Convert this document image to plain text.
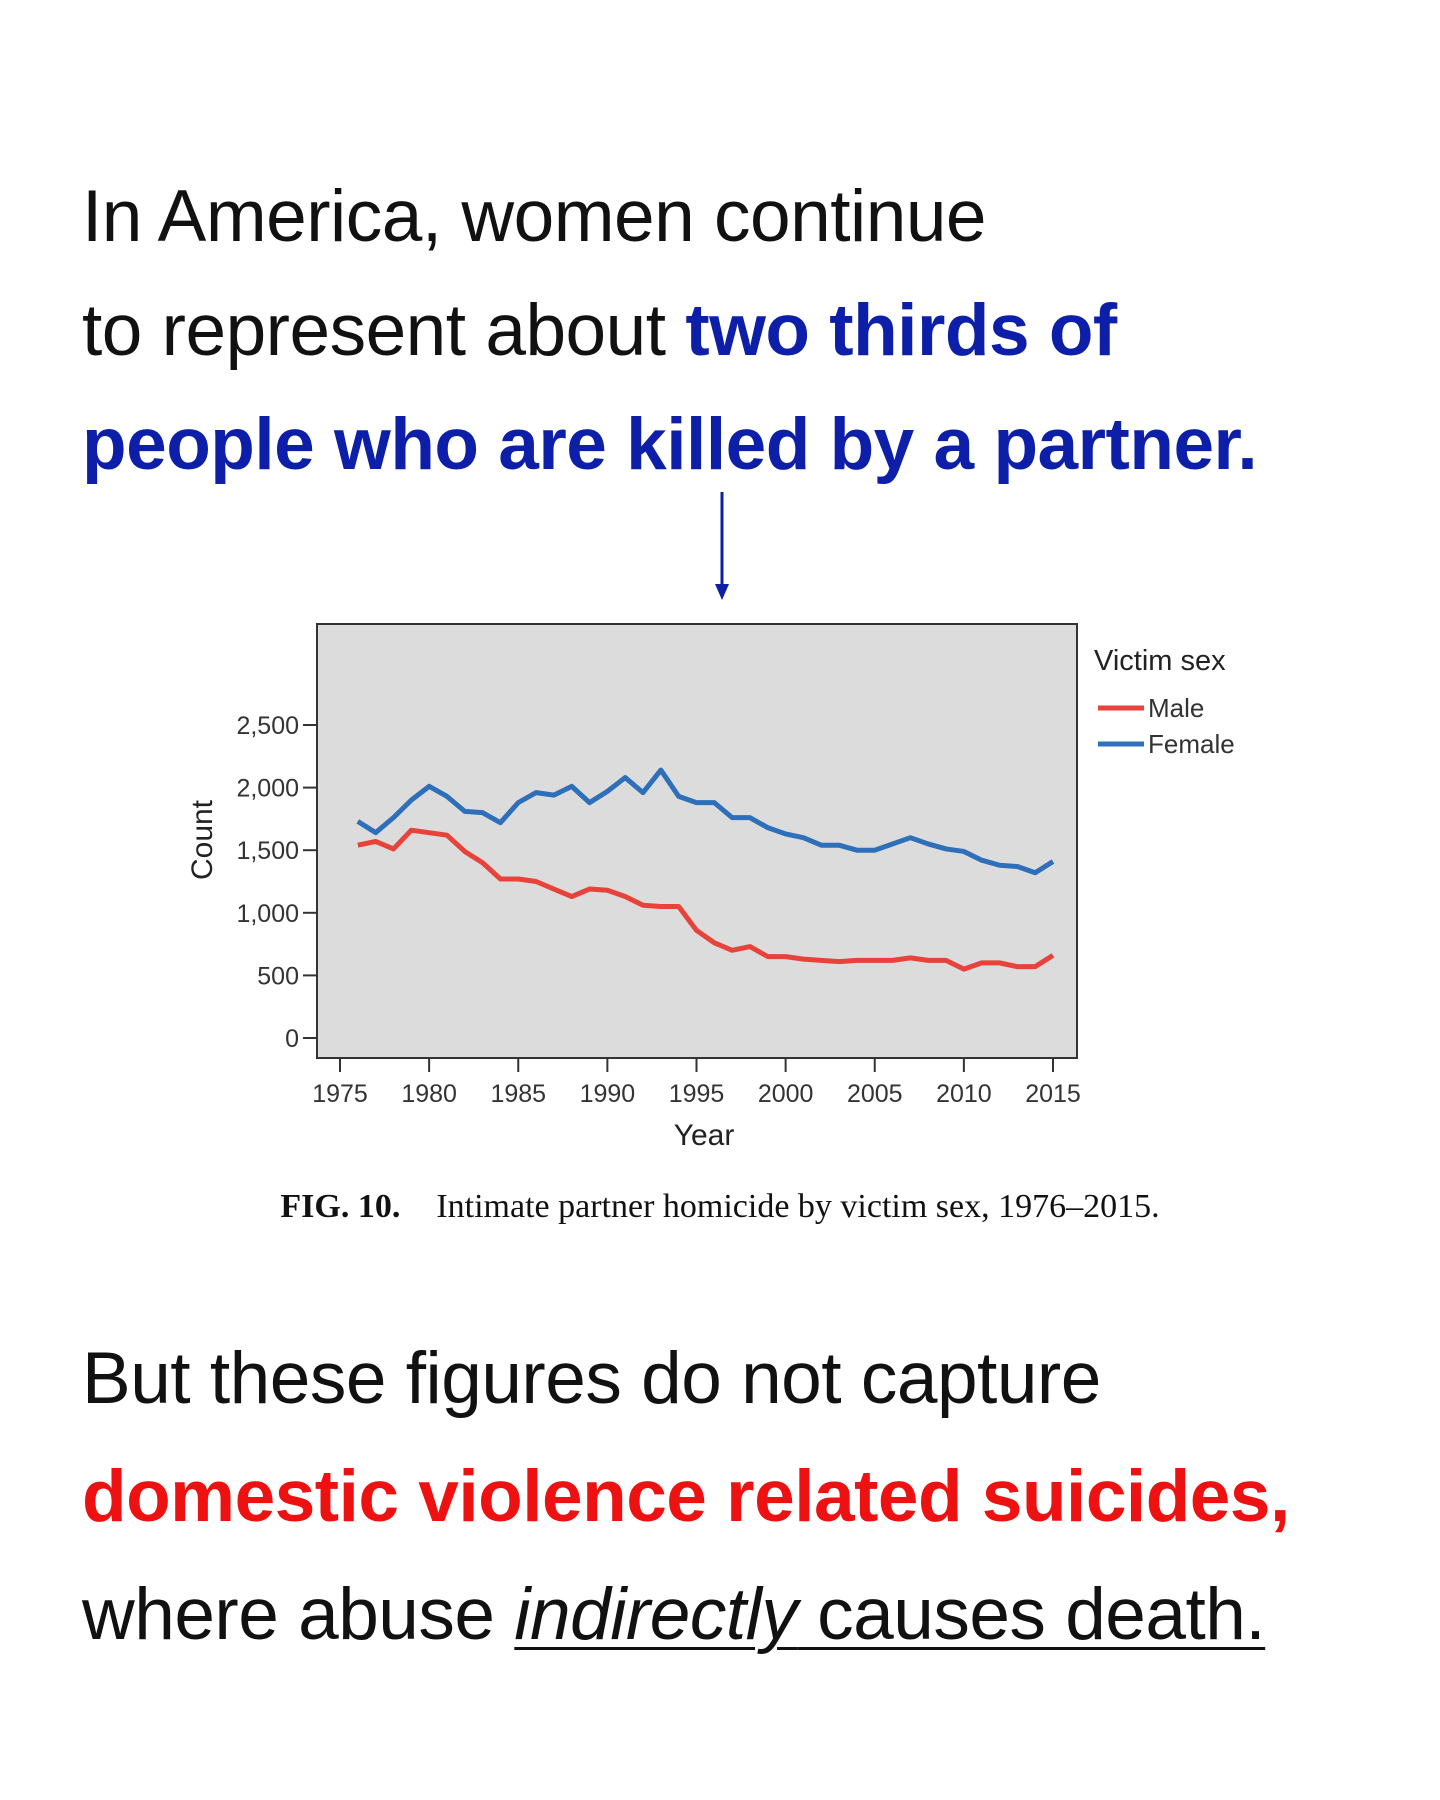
In America, women continue
to represent about two thirds of
people who are killed by a partner.

0
500
1,000
1,500
2,000
2,500
1975 1980 1985 1990 1995 2000 2005 2010 2015
Count
Year
Victim sex
Male
Female
FIG. 10. Intimate partner homicide by victim sex, 1976–2015.

But these figures do not capture
domestic violence related suicides,
where abuse indirectly causes death.
